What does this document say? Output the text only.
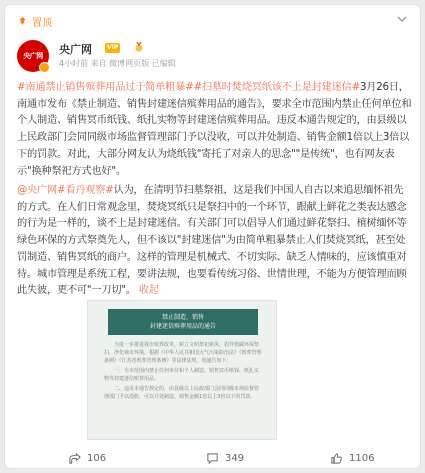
置顶
央广网 央广网	VIP
4小时前 来自 微博网页版 已编辑
#南通禁止销售殡葬用品过于简单粗暴##扫墓时焚烧冥纸该不上是封建迷信#3月26日，南通市发布《禁止制造、销售封建迷信殡葬用品的通告》，要求全市范围内禁止任何单位和个人制造、销售冥币纸钱、纸扎实物等封建迷信殡葬用品。违反本通告规定的，由县级以上民政部门会同同级市场监督管理部门予以没收，可以并处制造、销售金额1倍以上3倍以下的罚款。对此，大部分网友认为烧纸钱"寄托了对亲人的思念""是传统"，也有网友表示"换种祭祀方式也好"。
@央广网#看丹观察#认为，在清明节扫墓祭祖，这是我们中国人自古以来追思缅怀祖先的方式。在人们日常观念里，焚烧冥纸只是祭扫中的一个环节，跟献上鲜花之类表达感念的行为是一样的，谈不上是封建迷信。有关部门可以倡导人们通过鲜花祭扫、植树缅怀等绿色环保的方式祭奠先人，但不该以"封建迷信"为由简单粗暴禁止人们焚烧冥纸，甚至处罚制造、销售冥纸的商户。这样的管理是机械式、不切实际、缺乏人情味的，应该慎重对待。城市管理是系统工程，要讲法规，也要看传统习俗、世情世理，不能为方便管理而顾此失彼，更不可"一刀切"。 收起
禁止制造、销售
封建迷信殡葬用品的通告
为进一步推进我市殡葬改革，树立文明祭祀新风，倡导低碳环保祭扫，净化城市环境，根据《中华人民共和国大气污染防治法》《殡葬管理条例》《江苏省殡葬管理条例》等法律法规，现通告如下：
一、全市范围内禁止任何单位和个人制造、销售冥币纸钱、纸扎实物等封建迷信殡葬用品。
二、违反本通告规定的，由县级以上民政部门会同同级市场监督管理部门予以没收，可以并处制造、销售金额1倍以上3倍以下的罚款。
106	349	1106
